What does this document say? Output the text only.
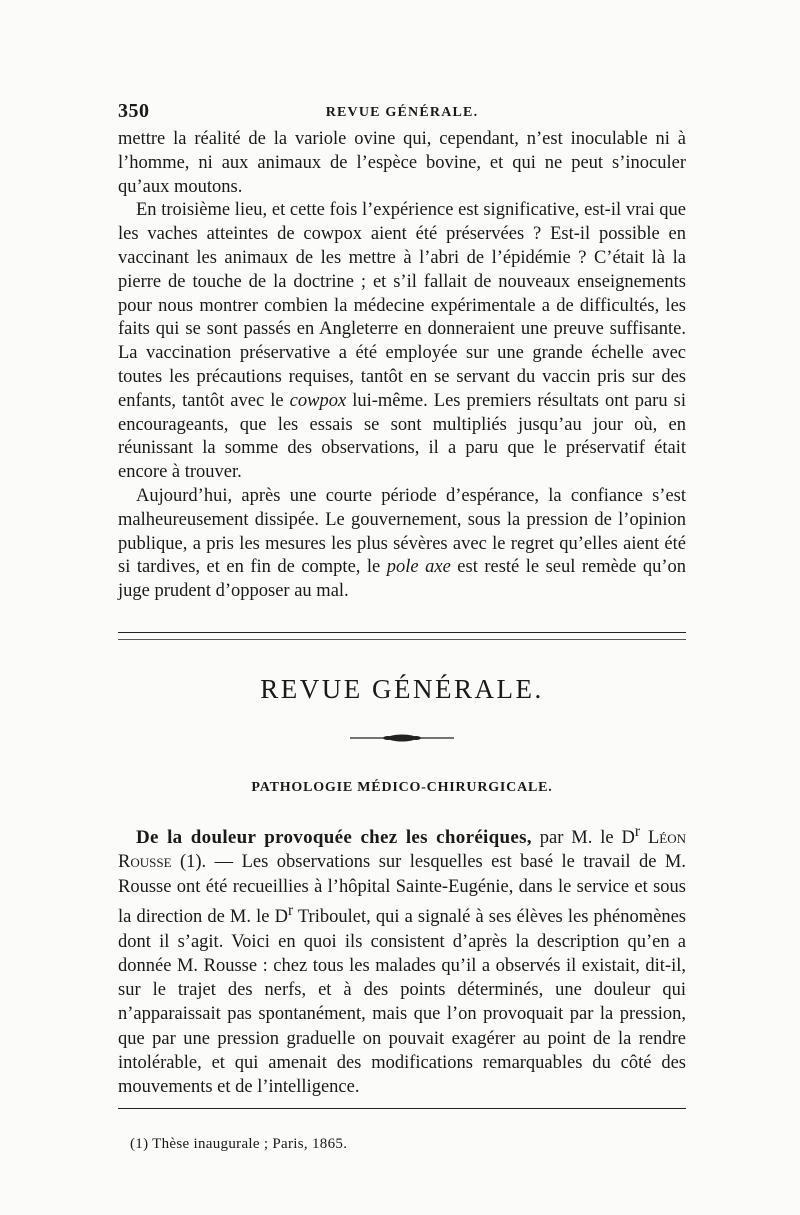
350	REVUE GÉNÉRALE.

mettre la réalité de la variole ovine qui, cependant, n’est inoculable ni à l’homme, ni aux animaux de l’espèce bovine, et qui ne peut s’inoculer qu’aux moutons.

En troisième lieu, et cette fois l’expérience est significative, est-il vrai que les vaches atteintes de cowpox aient été préservées ? Est-il possible en vaccinant les animaux de les mettre à l’abri de l’épidémie ? C’était là la pierre de touche de la doctrine ; et s’il fallait de nouveaux enseignements pour nous montrer combien la médecine expérimentale a de difficultés, les faits qui se sont passés en Angleterre en donneraient une preuve suffisante. La vaccination préservative a été employée sur une grande échelle avec toutes les précautions requises, tantôt en se servant du vaccin pris sur des enfants, tantôt avec le cowpox lui-même. Les premiers résultats ont paru si encourageants, que les essais se sont multipliés jusqu’au jour où, en réunissant la somme des observations, il a paru que le préservatif était encore à trouver.

Aujourd’hui, après une courte période d’espérance, la confiance s’est malheureusement dissipée. Le gouvernement, sous la pression de l’opinion publique, a pris les mesures les plus sévères avec le regret qu’elles aient été si tardives, et en fin de compte, le pole axe est resté le seul remède qu’on juge prudent d’opposer au mal.

REVUE GÉNÉRALE.
PATHOLOGIE MÉDICO-CHIRURGICALE.

De la douleur provoquée chez les choréiques, par M. le $D^r$ Léon Rousse (1). — Les observations sur lesquelles est basé le travail de M. Rousse ont été recueillies à l’hôpital Sainte-Eugénie, dans le service et sous la direction de M. le $D^r$ Triboulet, qui a signalé à ses élèves les phénomènes dont il s’agit. Voici en quoi ils consistent d’après la description qu’en a donnée M. Rousse : chez tous les malades qu’il a observés il existait, dit-il, sur le trajet des nerfs, et à des points déterminés, une douleur qui n’apparaissait pas spontanément, mais que l’on provoquait par la pression, que par une pression graduelle on pouvait exagérer au point de la rendre intolérable, et qui amenait des modifications remarquables du côté des mouvements et de l’intelligence.

(1) Thèse inaugurale ; Paris, 1865.
